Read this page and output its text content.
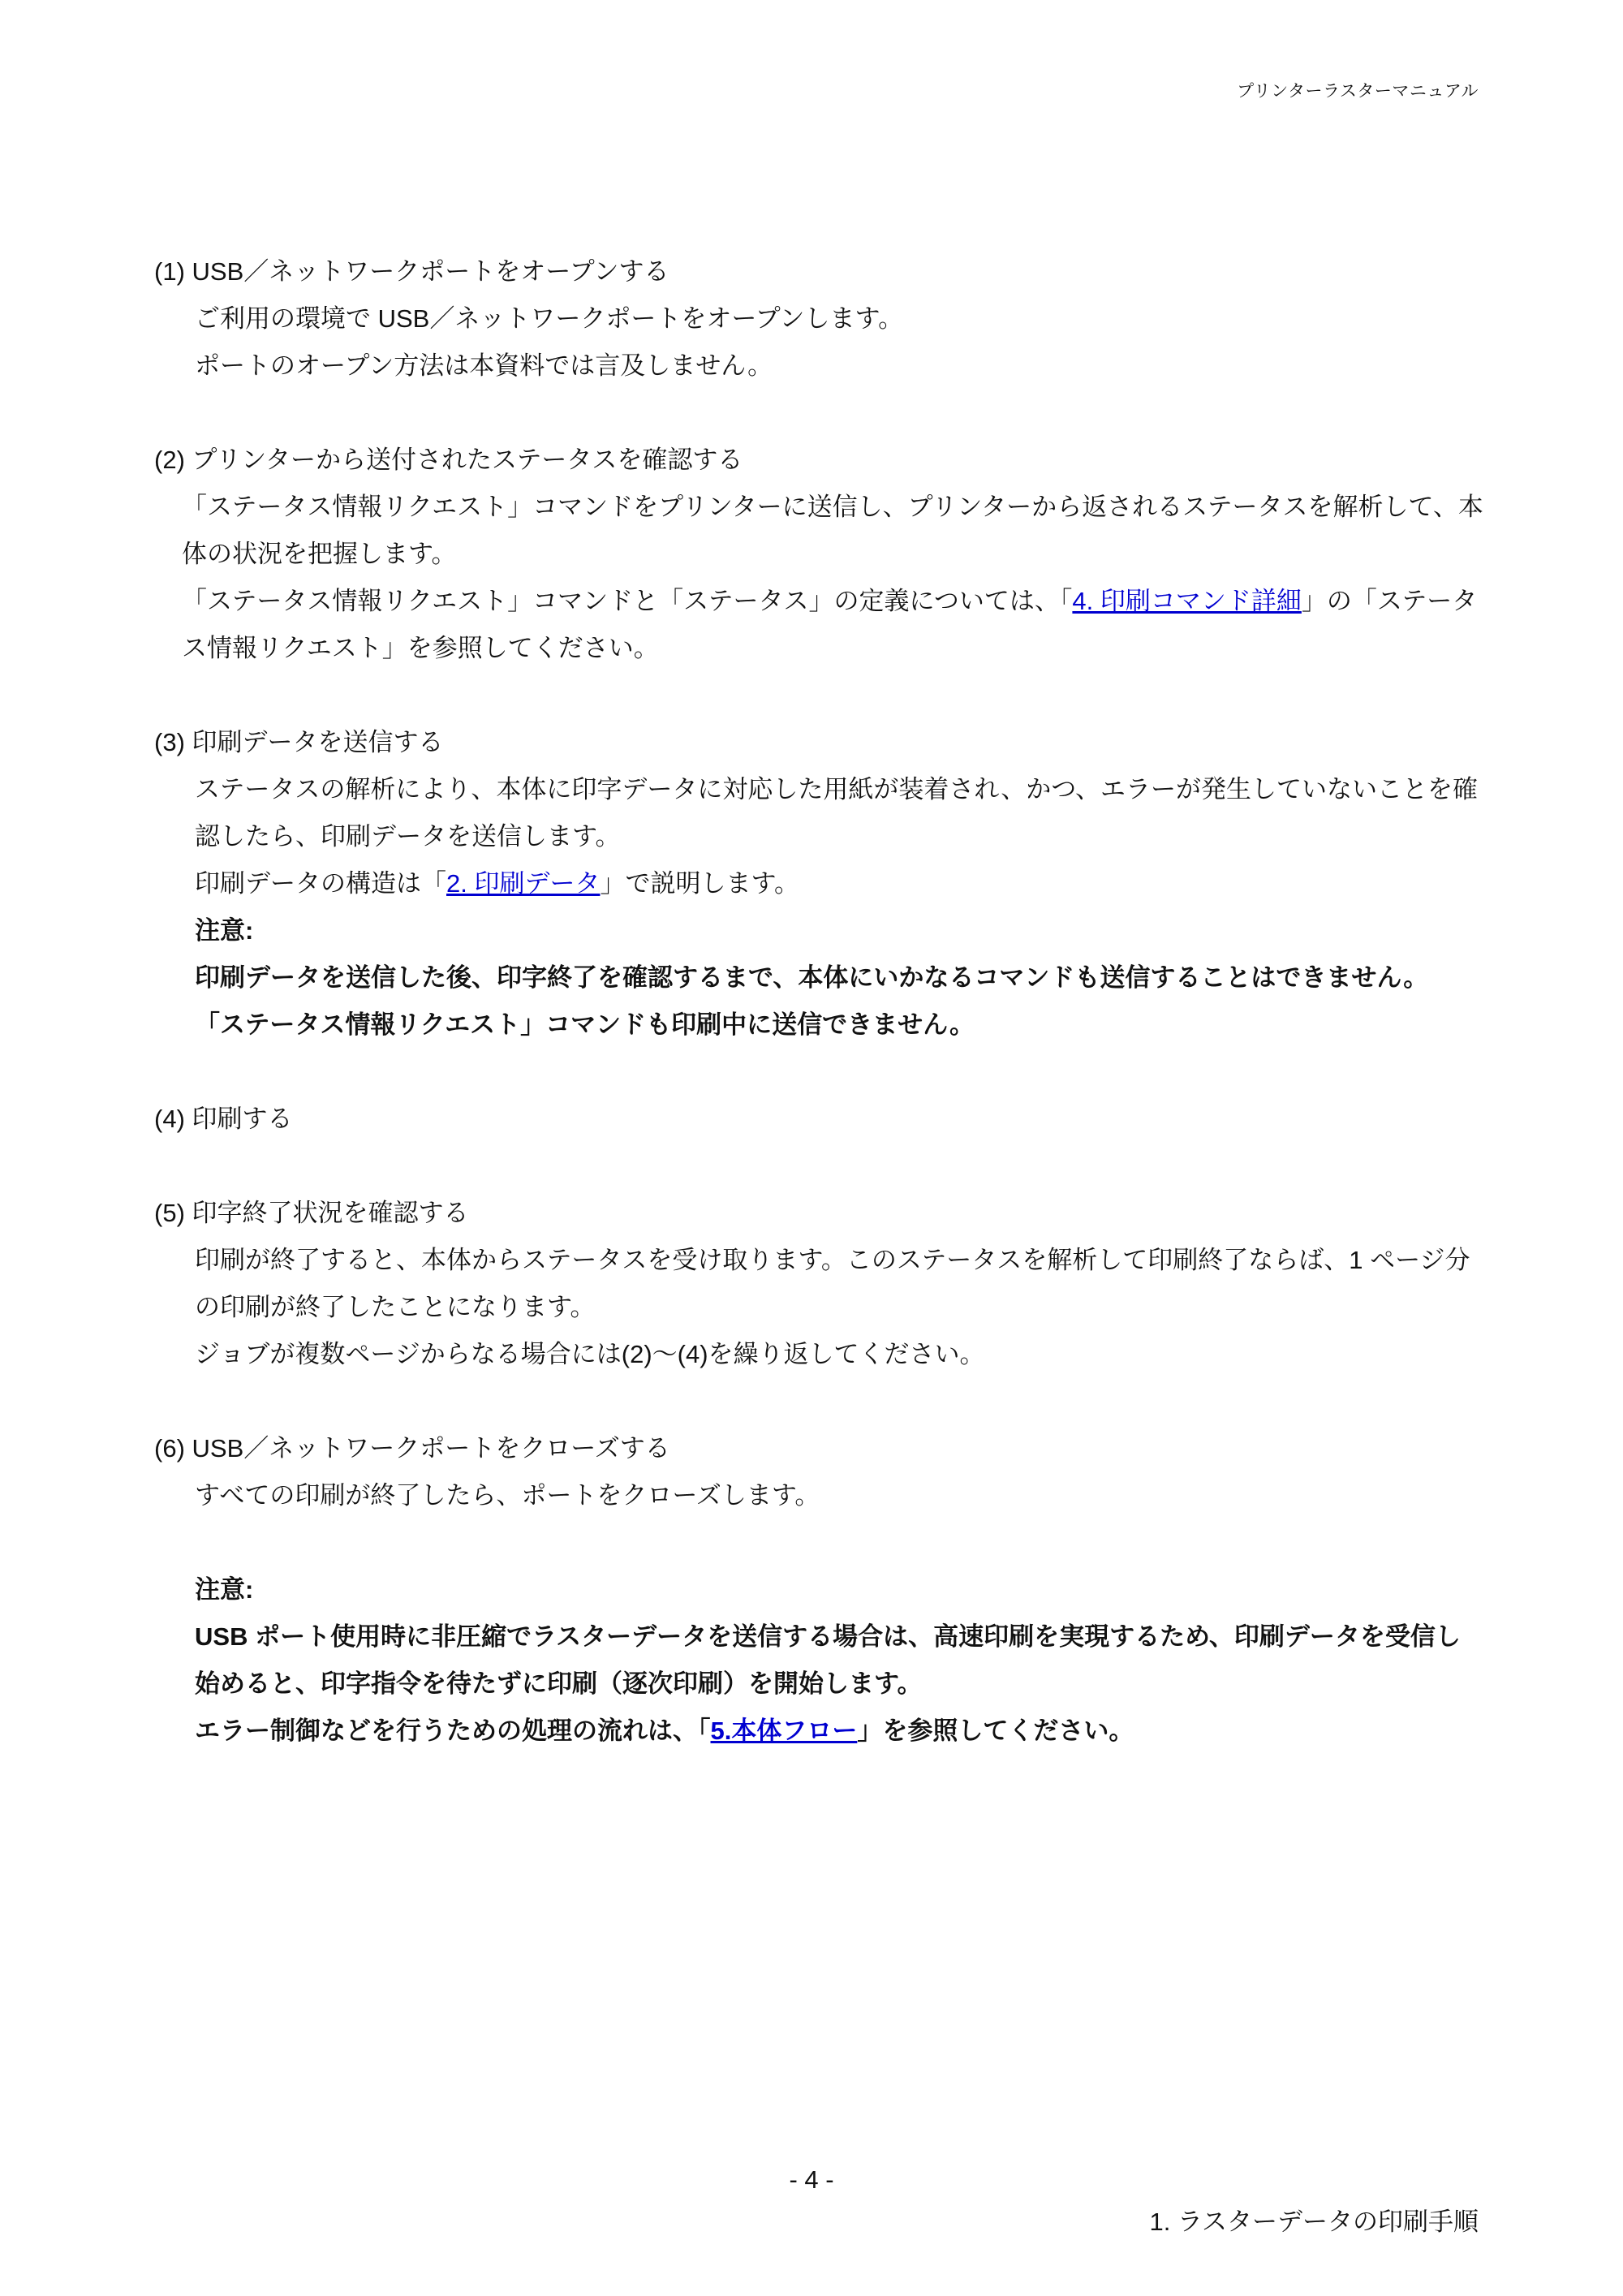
プリンターラスターマニュアル
(1) USB／ネットワークポートをオープンする
ご利用の環境で USB／ネットワークポートをオープンします。
ポートのオープン方法は本資料では言及しません。
(2) プリンターから送付されたステータスを確認する
「ステータス情報リクエスト」コマンドをプリンターに送信し、プリンターから返されるステータスを解析して、本体の状況を把握します。
「ステータス情報リクエスト」コマンドと「ステータス」の定義については、「4. 印刷コマンド詳細」の「ステータス情報リクエスト」を参照してください。
(3) 印刷データを送信する
ステータスの解析により、本体に印字データに対応した用紙が装着され、かつ、エラーが発生していないことを確認したら、印刷データを送信します。
印刷データの構造は「2. 印刷データ」で説明します。
注意:
印刷データを送信した後、印字終了を確認するまで、本体にいかなるコマンドも送信することはできません。
「ステータス情報リクエスト」コマンドも印刷中に送信できません。
(4) 印刷する
(5) 印字終了状況を確認する
印刷が終了すると、本体からステータスを受け取ります。このステータスを解析して印刷終了ならば、1 ページ分の印刷が終了したことになります。
ジョブが複数ページからなる場合には(2)～(4)を繰り返してください。
(6) USB／ネットワークポートをクローズする
すべての印刷が終了したら、ポートをクローズします。
注意:
USB ポート使用時に非圧縮でラスターデータを送信する場合は、高速印刷を実現するため、印刷データを受信し始めると、印字指令を待たずに印刷（逐次印刷）を開始します。
エラー制御などを行うための処理の流れは、「5.本体フロー」を参照してください。
- 4 -
1. ラスターデータの印刷手順
